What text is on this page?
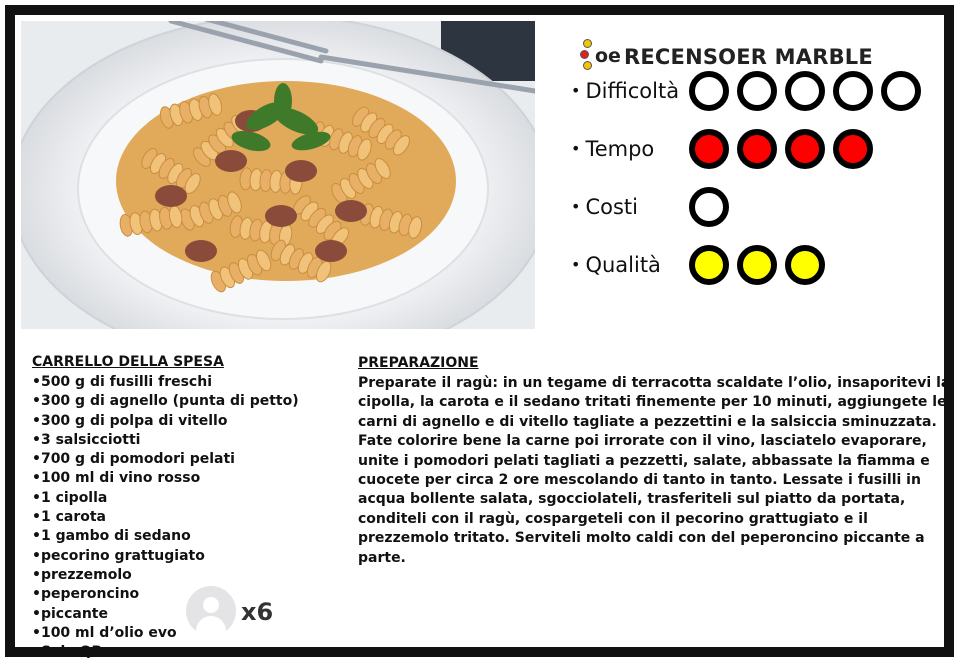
oe RECENSOER MARBLE
• Difficoltà
• Tempo
• Costi
• Qualità
CARRELLO DELLA SPESA
• 500 g di fusilli freschi
• 300 g di agnello (punta di petto)
• 300 g di polpa di vitello
• 3 salsicciotti
• 700 g di pomodori pelati
• 100 ml di vino rosso
• 1 cipolla
• 1 carota
• 1 gambo di sedano
• pecorino grattugiato
• prezzemolo
• peperoncino
• piccante
• 100 ml d’olio evo
• Sale QB
x6
PREPARAZIONE

Preparate il ragù: in un tegame di terracotta scaldate l’olio, insaporitevi la cipolla, la carota e il sedano tritati finemente per 10 minuti, aggiungete le carni di agnello e di vitello tagliate a pezzettini e la salsiccia sminuzzata.
Fate colorire bene la carne poi irrorate con il vino, lasciatelo evaporare, unite i pomodori pelati tagliati a pezzetti, salate, abbassate la fiamma e cuocete per circa 2 ore mescolando di tanto in tanto. Lessate i fusilli in acqua bollente salata, sgocciolateli, trasferiteli sul piatto da portata, conditeli con il ragù, cospargeteli con il pecorino grattugiato e il prezzemolo tritato. Serviteli molto caldi con del peperoncino piccante a parte.
